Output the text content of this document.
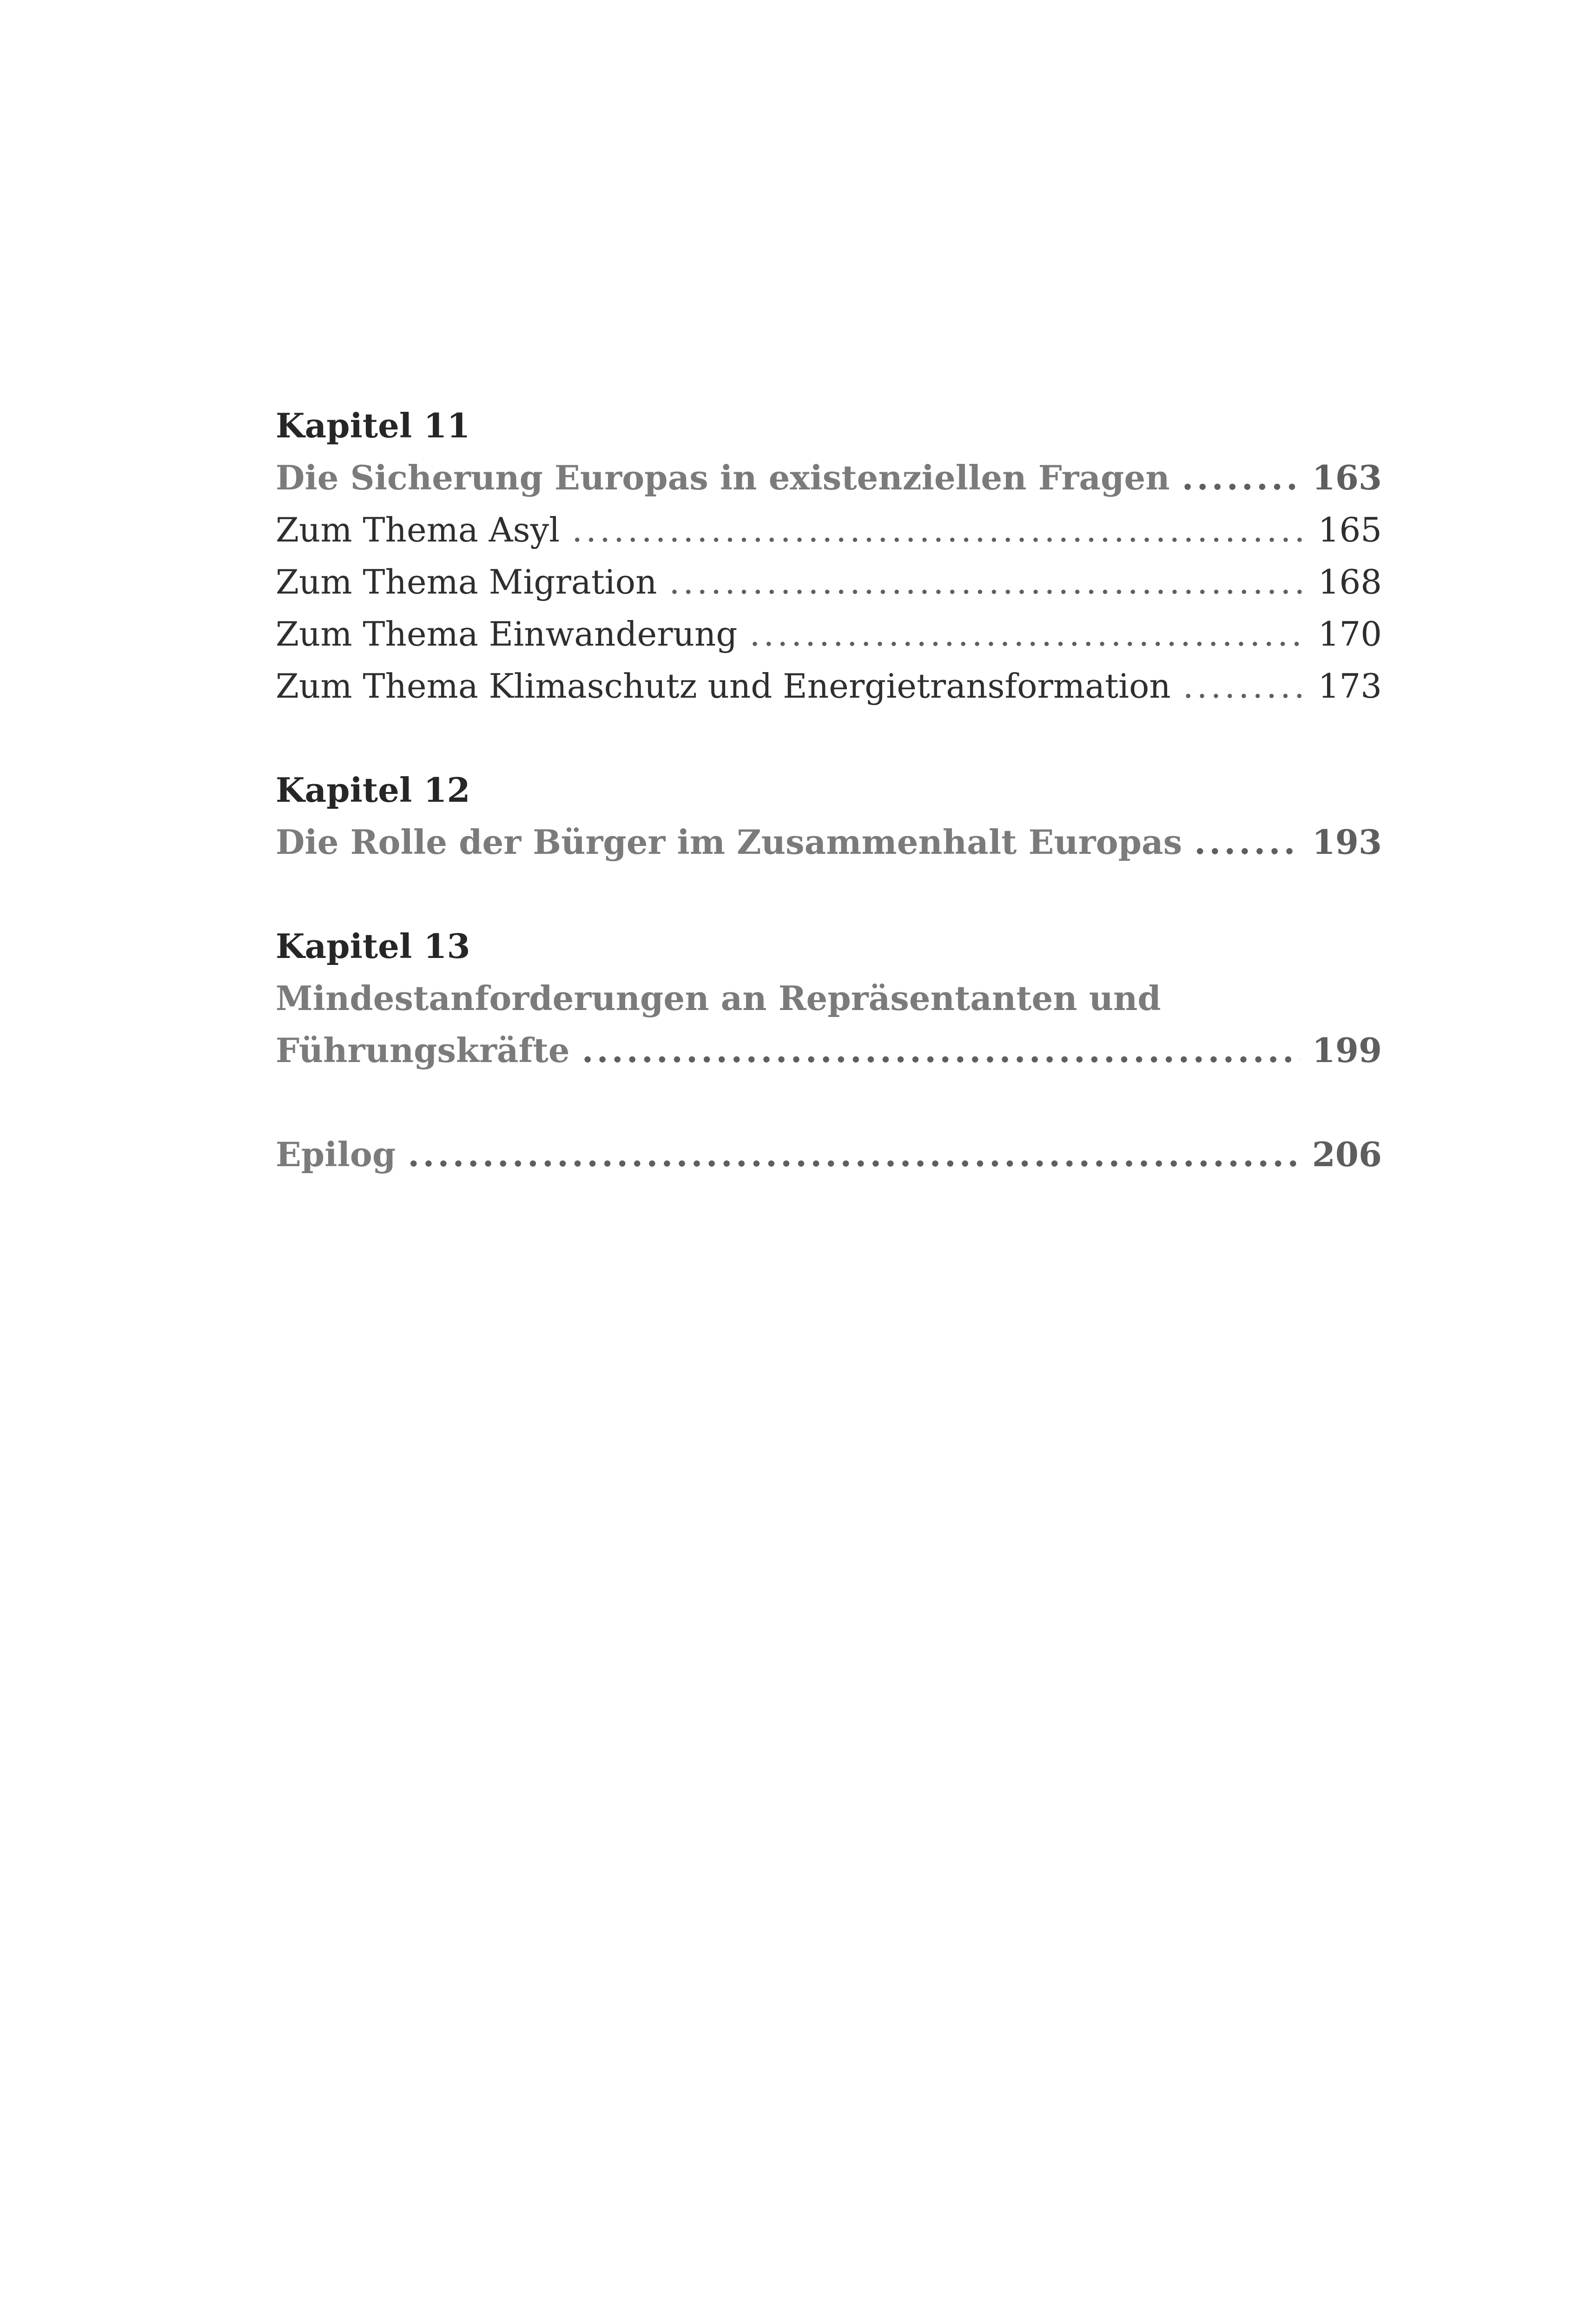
Kapitel 11
Die Sicherung Europas in existenziellen Fragen .....	163
Zum Thema Asyl .....	165
Zum Thema Migration .....	168
Zum Thema Einwanderung .....	170
Zum Thema Klimaschutz und Energietransformation .....	173
Kapitel 12
Die Rolle der Bürger im Zusammenhalt Europas .....	193
Kapitel 13
Mindestanforderungen an Repräsentanten und
Führungskräfte .....	199
Epilog .....	206
